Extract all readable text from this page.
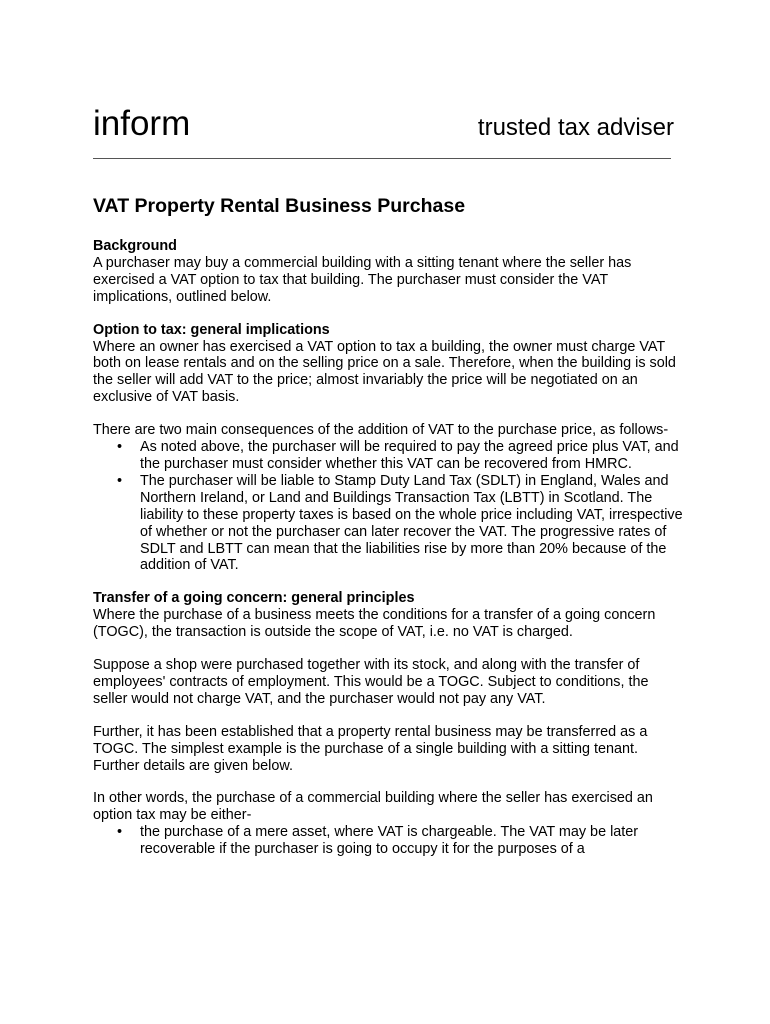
inform	trusted tax adviser
VAT Property Rental Business Purchase
Background

A purchaser may buy a commercial building with a sitting tenant where the seller has exercised a VAT option to tax that building. The purchaser must consider the VAT implications, outlined below.

Option to tax: general implications

Where an owner has exercised a VAT option to tax a building, the owner must charge VAT both on lease rentals and on the selling price on a sale. Therefore, when the building is sold the seller will add VAT to the price; almost invariably the price will be negotiated on an exclusive of VAT basis.

There are two main consequences of the addition of VAT to the purchase price, as follows-

• As noted above, the purchaser will be required to pay the agreed price plus VAT, and the purchaser must consider whether this VAT can be recovered from HMRC.
• The purchaser will be liable to Stamp Duty Land Tax (SDLT) in England, Wales and Northern Ireland, or Land and Buildings Transaction Tax (LBTT) in Scotland. The liability to these property taxes is based on the whole price including VAT, irrespective of whether or not the purchaser can later recover the VAT. The progressive rates of SDLT and LBTT can mean that the liabilities rise by more than 20% because of the addition of VAT.
Transfer of a going concern: general principles

Where the purchase of a business meets the conditions for a transfer of a going concern (TOGC), the transaction is outside the scope of VAT, i.e. no VAT is charged.

Suppose a shop were purchased together with its stock, and along with the transfer of employees' contracts of employment. This would be a TOGC. Subject to conditions, the seller would not charge VAT, and the purchaser would not pay any VAT.

Further, it has been established that a property rental business may be transferred as a TOGC. The simplest example is the purchase of a single building with a sitting tenant. Further details are given below.

In other words, the purchase of a commercial building where the seller has exercised an option tax may be either-

• the purchase of a mere asset, where VAT is chargeable. The VAT may be later recoverable if the purchaser is going to occupy it for the purposes of a
